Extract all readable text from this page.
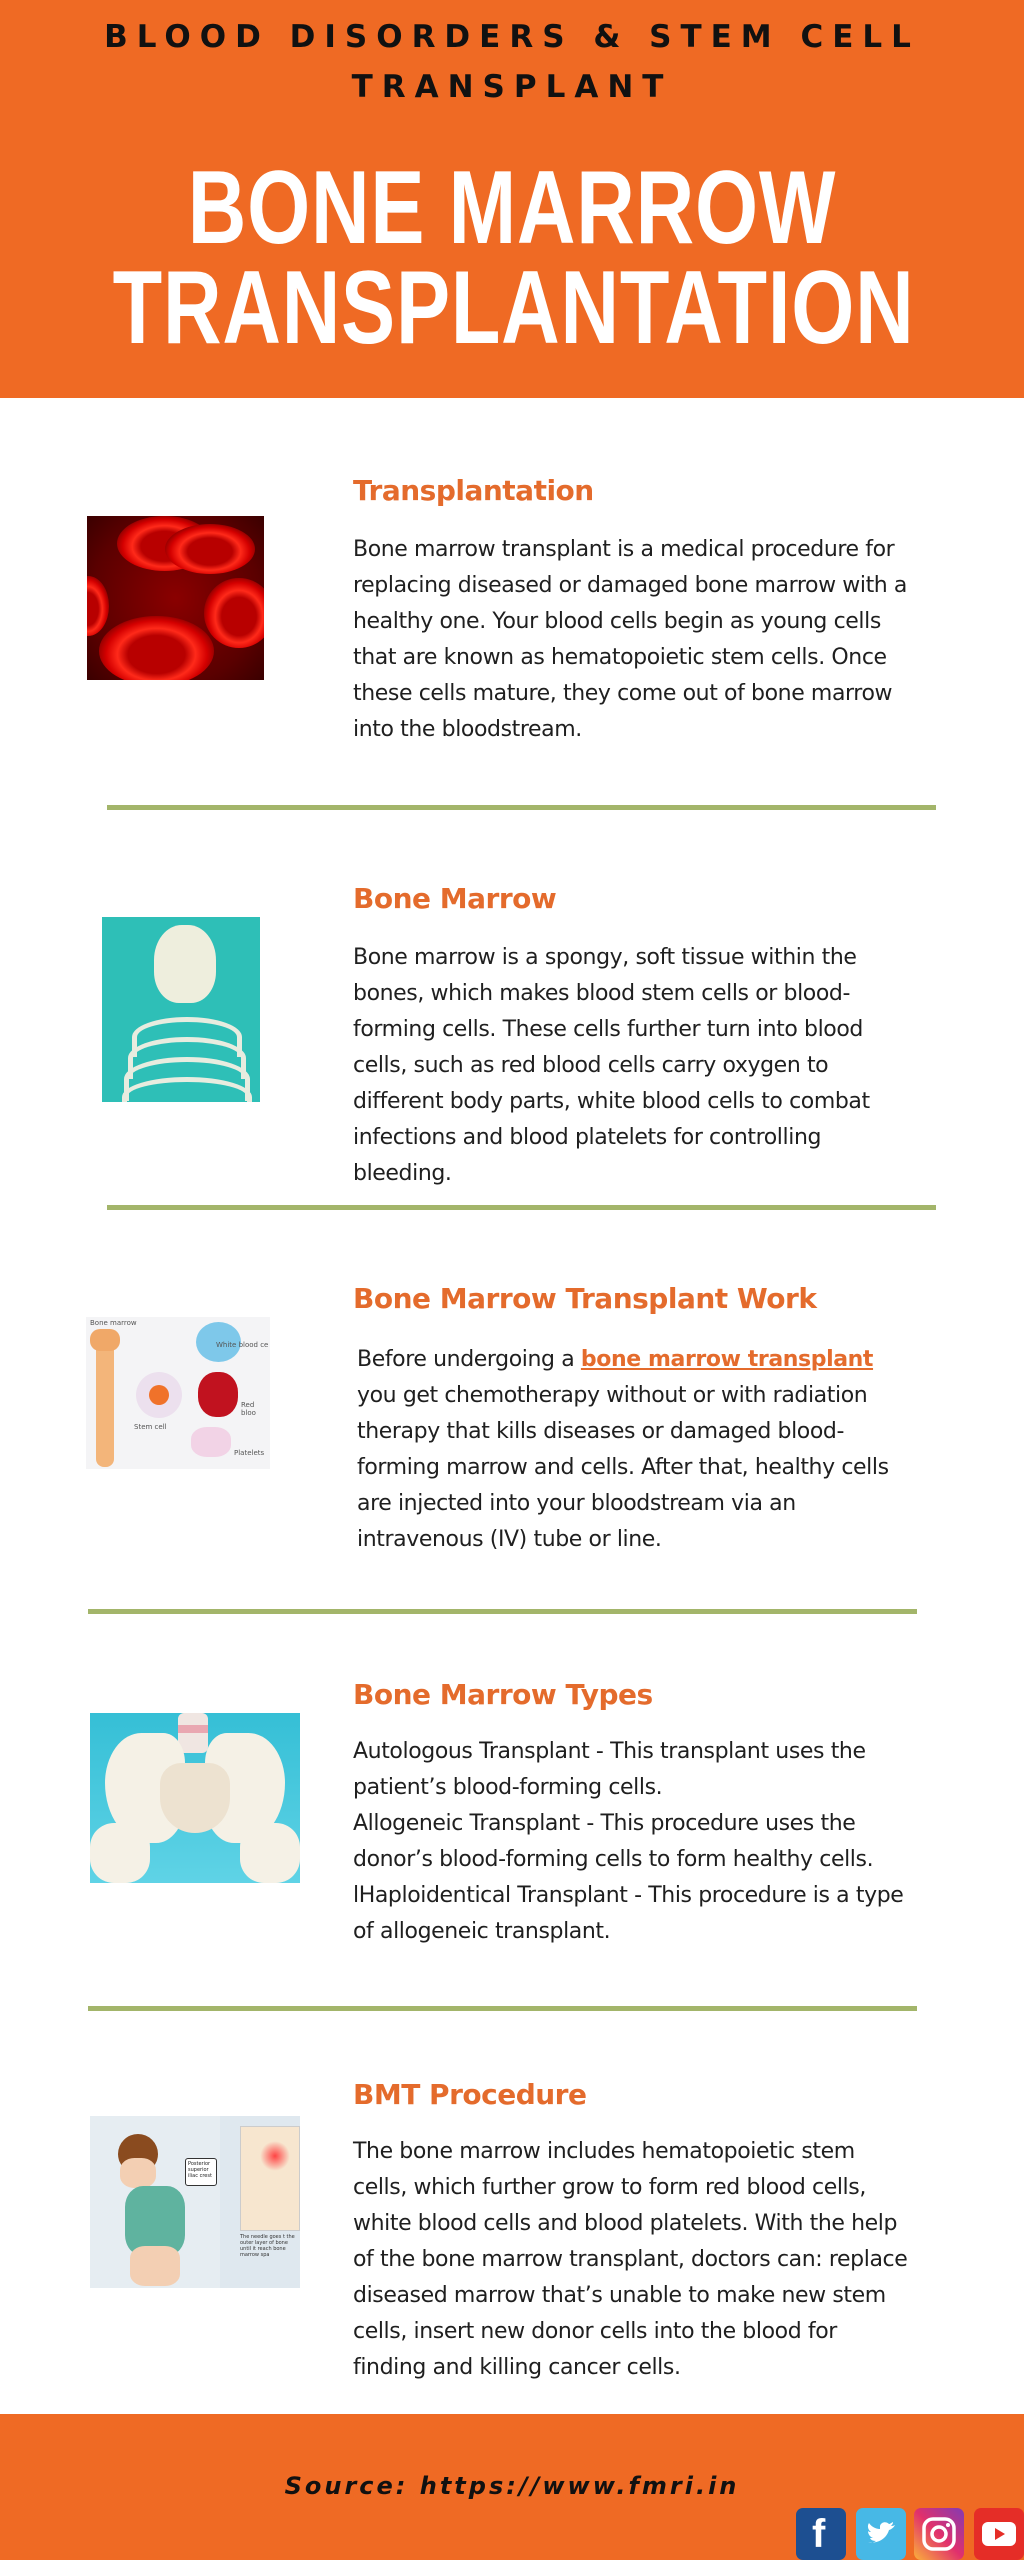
BLOOD DISORDERS & STEM CELL
TRANSPLANT
BONE MARROW
TRANSPLANTATION
Transplantation
Bone marrow transplant is a medical procedure for replacing diseased or damaged bone marrow with a healthy one. Your blood cells begin as young cells that are known as hematopoietic stem cells. Once these cells mature, they come out of bone marrow into the bloodstream.
Bone Marrow
Bone marrow is a spongy, soft tissue within the bones, which makes blood stem cells or blood-forming cells. These cells further turn into blood cells, such as red blood cells carry oxygen to different body parts, white blood cells to combat infections and blood platelets for controlling bleeding.
Bone marrow
White blood ce
Stem cell
Red bloo
Platelets
Bone Marrow Transplant Work
Before undergoing a bone marrow transplant you get chemotherapy without or with radiation therapy that kills diseases or damaged blood-forming marrow and cells. After that, healthy cells are injected into your bloodstream via an intravenous (IV) tube or line.
Bone Marrow Types
Autologous Transplant - This transplant uses the patient’s blood-forming cells.
Allogeneic Transplant - This procedure uses the donor’s blood-forming cells to form healthy cells.
lHaploidentical Transplant - This procedure is a type of allogeneic transplant.
Posterior superior iliac crest
The needle goes t the outer layer of bone until it reach bone marrow spa
BMT Procedure
The bone marrow includes hematopoietic stem cells, which further grow to form red blood cells, white blood cells and blood platelets. With the help of the bone marrow transplant, doctors can: replace diseased marrow that’s unable to make new stem cells, insert new donor cells into the blood for finding and killing cancer cells.
Source: https://www.fmri.in
f
